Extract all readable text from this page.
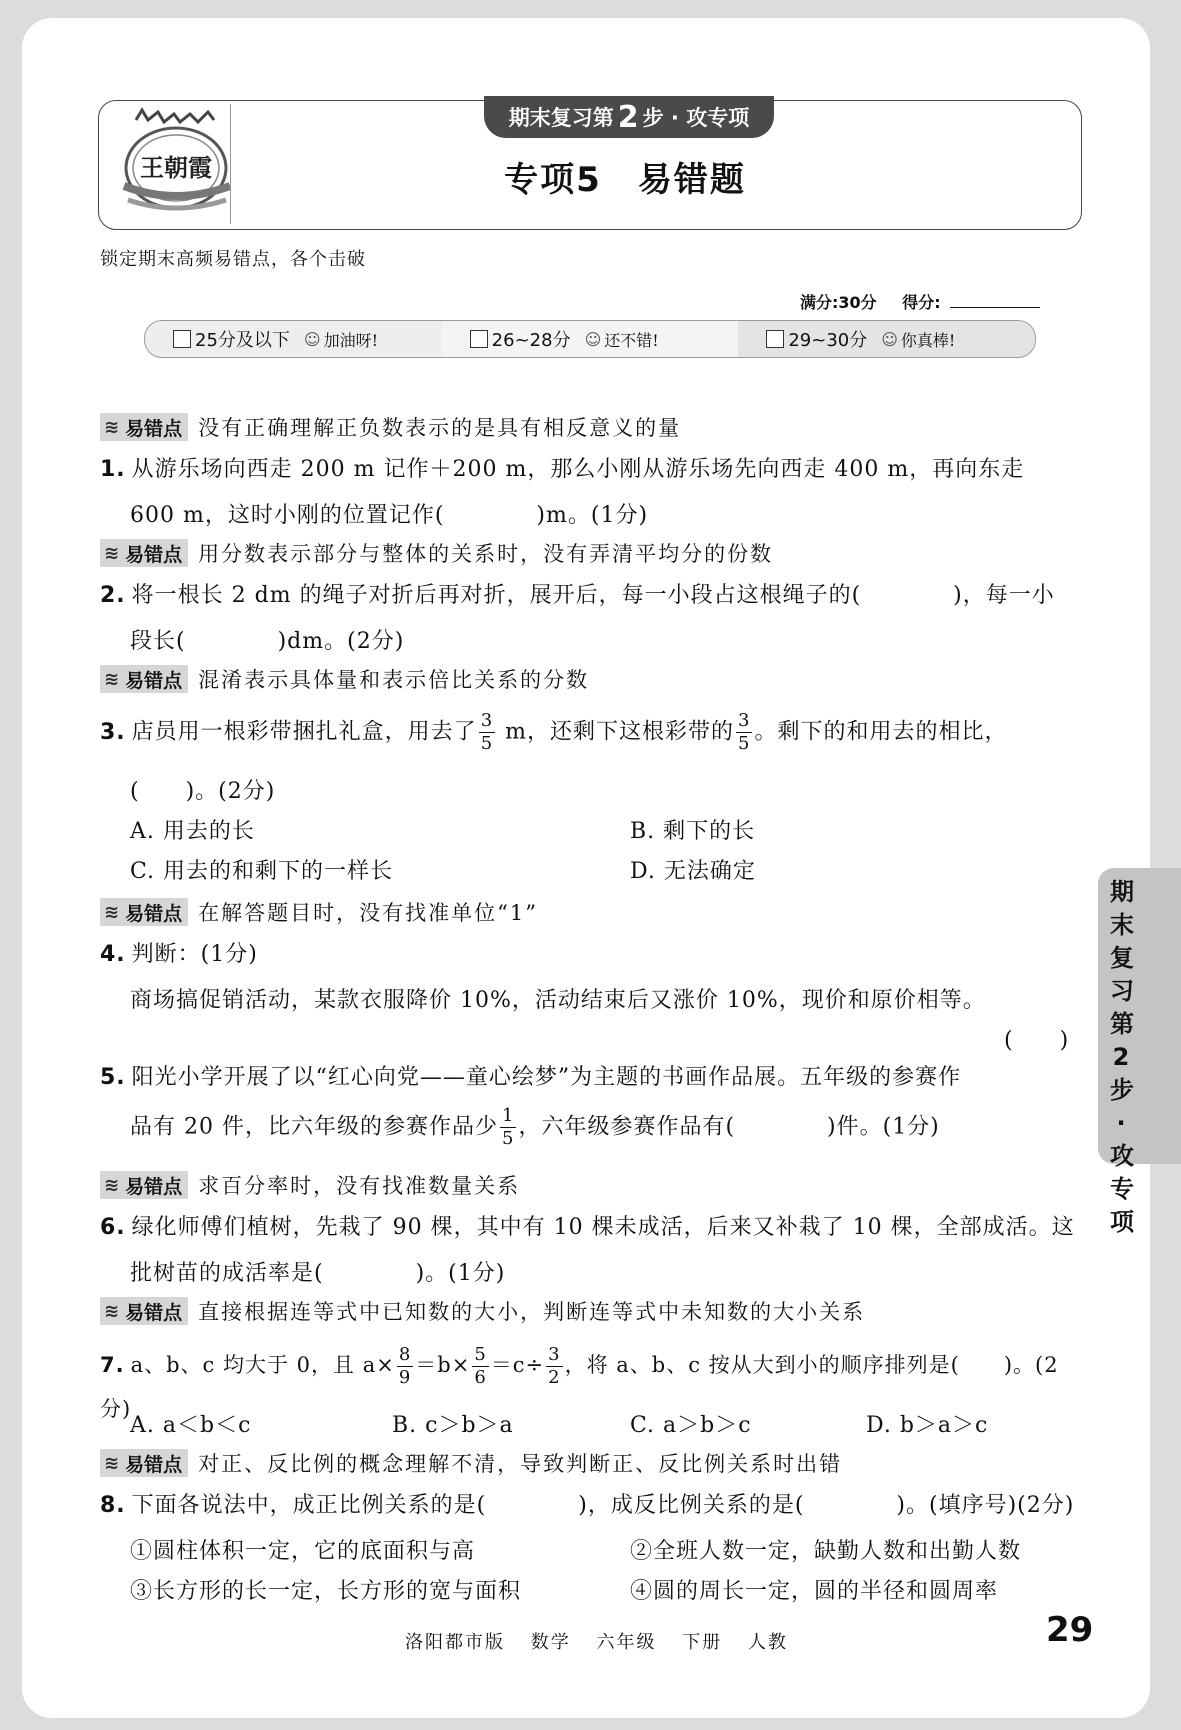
王朝霞
期末复习第 2 步 · 攻专项
专项5　易错题
锁定期末高频易错点，各个击破
满分:30分 得分:
25分及以下 ☺ 加油呀!	26~28分 ☺ 还不错!	29~30分 ☺ 你真棒!
≋ 易错点 没有正确理解正负数表示的是具有相反意义的量
1. 从游乐场向西走 200 m 记作＋200 m，那么小刚从游乐场先向西走 400 m，再向东走
600 m，这时小刚的位置记作(　　　　)m。(1分)
≋ 易错点 用分数表示部分与整体的关系时，没有弄清平均分的份数
2. 将一根长 2 dm 的绳子对折后再对折，展开后，每一小段占这根绳子的(　　　　)，每一小
段长(　　　　)dm。(2分)
≋ 易错点 混淆表示具体量和表示倍比关系的分数
3. 店员用一根彩带捆扎礼盒，用去了 $\frac{3}{5}$ m，还剩下这根彩带的 $\frac{3}{5}$ 。剩下的和用去的相比，
(　　)。(2分)
A. 用去的长	B. 剩下的长
C. 用去的和剩下的一样长	D. 无法确定
≋ 易错点 在解答题目时，没有找准单位“1”
4. 判断：(1分)
商场搞促销活动，某款衣服降价 10%，活动结束后又涨价 10%，现价和原价相等。
(　　)
5. 阳光小学开展了以“红心向党——童心绘梦”为主题的书画作品展。五年级的参赛作
品有 20 件，比六年级的参赛作品少 $\frac{1}{5}$ ，六年级参赛作品有(　　　　)件。(1分)
≋ 易错点 求百分率时，没有找准数量关系
6. 绿化师傅们植树，先栽了 90 棵，其中有 10 棵未成活，后来又补栽了 10 棵，全部成活。这
批树苗的成活率是(　　　　)。(1分)
≋ 易错点 直接根据连等式中已知数的大小，判断连等式中未知数的大小关系
7. a、b、c 均大于 0，且 $a\times \frac{8}{9} =b\times \frac{5}{6} =c\div \frac{3}{2}$ ，将 a、b、c 按从大到小的顺序排列是(　　)。(2分)
A. a＜b＜c	B. c＞b＞a	C. a＞b＞c	D. b＞a＞c
≋ 易错点 对正、反比例的概念理解不清，导致判断正、反比例关系时出错
8. 下面各说法中，成正比例关系的是(　　　　)，成反比例关系的是(　　　　)。(填序号)(2分)
①圆柱体积一定，它的底面积与高	②全班人数一定，缺勤人数和出勤人数
③长方形的长一定，长方形的宽与面积	④圆的周长一定，圆的半径和圆周率
期
末
复
习
第
2
步
·
攻
专
项
洛阳都市版 数学 六年级 下册 人教	29
